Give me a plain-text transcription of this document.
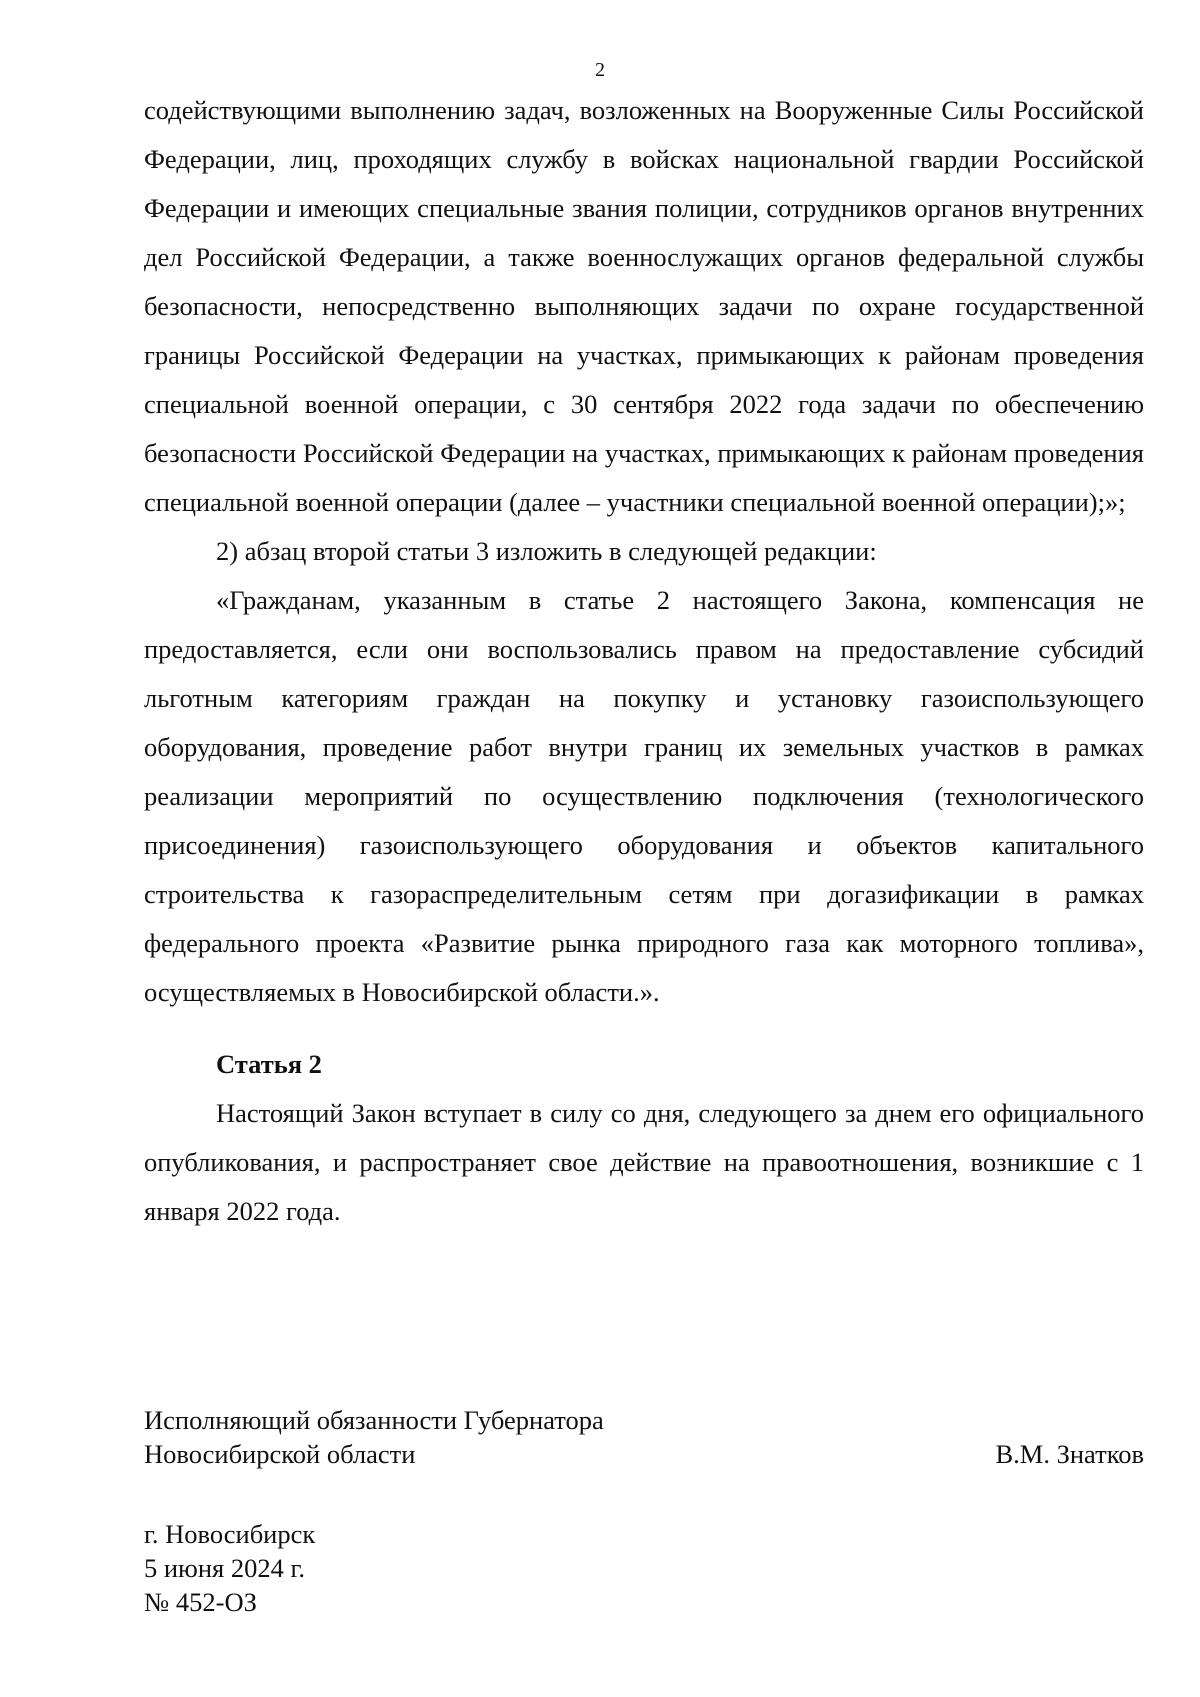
2

содействующими выполнению задач, возложенных на Вооруженные Силы Российской Федерации, лиц, проходящих службу в войсках национальной гвардии Российской Федерации и имеющих специальные звания полиции, сотрудников органов внутренних дел Российской Федерации, а также военнослужащих органов федеральной службы безопасности, непосредственно выполняющих задачи по охране государственной границы Российской Федерации на участках, примыкающих к районам проведения специальной военной операции, с 30 сентября 2022 года задачи по обеспечению безопасности Российской Федерации на участках, примыкающих к районам проведения специальной военной операции (далее – участники специальной военной операции);»;

2) абзац второй статьи 3 изложить в следующей редакции:

«Гражданам, указанным в статье 2 настоящего Закона, компенсация не предоставляется, если они воспользовались правом на предоставление субсидий льготным категориям граждан на покупку и установку газоиспользующего оборудования, проведение работ внутри границ их земельных участков в рамках реализации мероприятий по осуществлению подключения (технологического присоединения) газоиспользующего оборудования и объектов капитального строительства к газораспределительным сетям при догазификации в рамках федерального проекта «Развитие рынка природного газа как моторного топлива», осуществляемых в Новосибирской области.».

Статья 2

Настоящий Закон вступает в силу со дня, следующего за днем его официального опубликования, и распространяет свое действие на правоотношения, возникшие с 1 января 2022 года.

Исполняющий обязанности Губернатора
Новосибирской области	В.М. Знатков
г. Новосибирск
5 июня 2024 г.
№ 452-ОЗ
